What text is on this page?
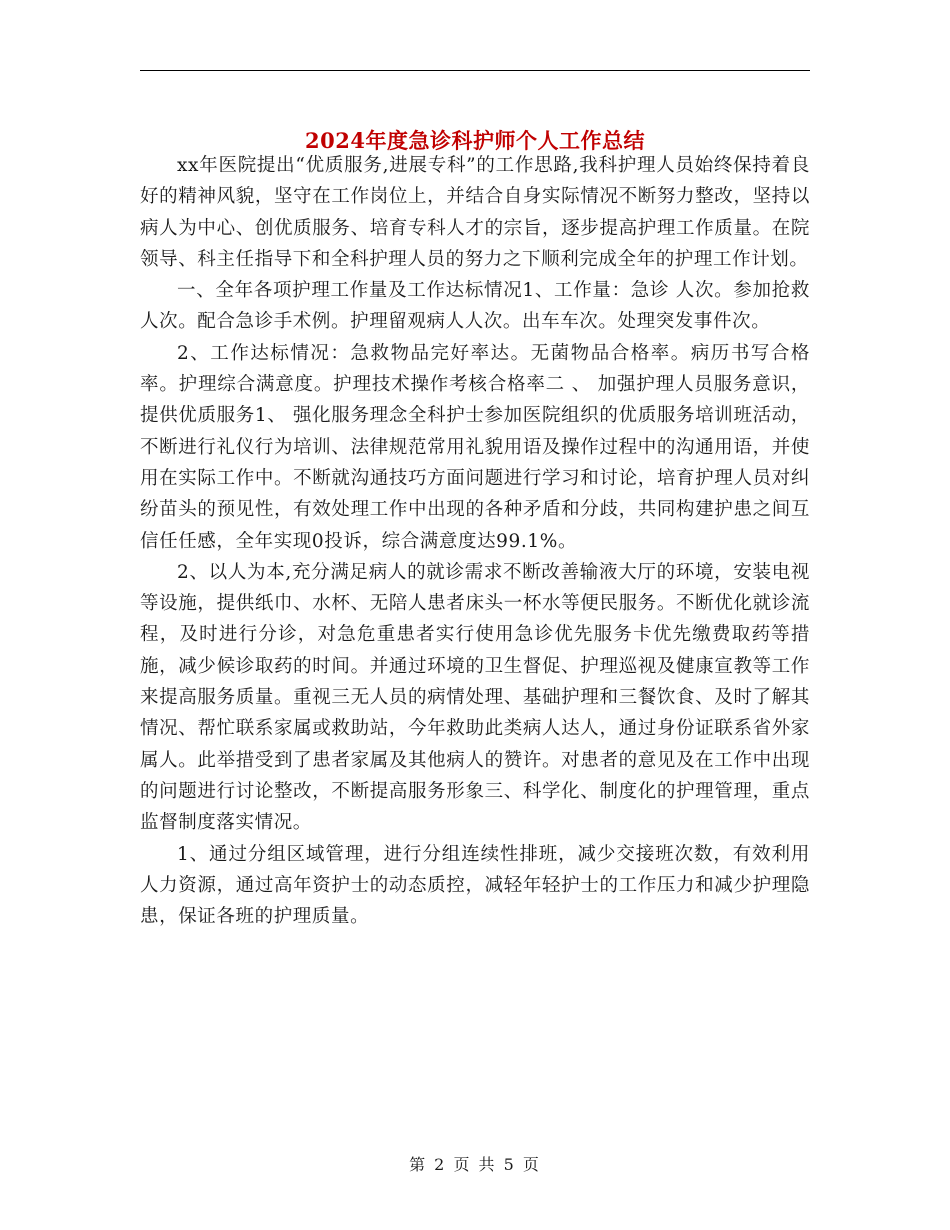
2024年度急诊科护师个人工作总结

xx年医院提出“优质服务,进展专科”的工作思路,我科护理人员始终保持着良好的精神风貌，坚守在工作岗位上，并结合自身实际情况不断努力整改，坚持以病人为中心、创优质服务、培育专科人才的宗旨，逐步提高护理工作质量。在院领导、科主任指导下和全科护理人员的努力之下顺利完成全年的护理工作计划。

一、全年各项护理工作量及工作达标情况1、工作量：急诊 人次。参加抢救 人次。配合急诊手术例。护理留观病人人次。出车车次。处理突发事件次。

2、工作达标情况：急救物品完好率达。无菌物品合格率。病历书写合格率。护理综合满意度。护理技术操作考核合格率二 、 加强护理人员服务意识，提供优质服务1、 强化服务理念全科护士参加医院组织的优质服务培训班活动，不断进行礼仪行为培训、法律规范常用礼貌用语及操作过程中的沟通用语，并使用在实际工作中。不断就沟通技巧方面问题进行学习和讨论，培育护理人员对纠纷苗头的预见性，有效处理工作中出现的各种矛盾和分歧，共同构建护患之间互信任任感，全年实现0投诉，综合满意度达99.1%。

2、以人为本,充分满足病人的就诊需求不断改善输液大厅的环境，安装电视等设施，提供纸巾、水杯、无陪人患者床头一杯水等便民服务。不断优化就诊流程，及时进行分诊，对急危重患者实行使用急诊优先服务卡优先缴费取药等措施，减少候诊取药的时间。并通过环境的卫生督促、护理巡视及健康宣教等工作来提高服务质量。重视三无人员的病情处理、基础护理和三餐饮食、及时了解其情况、帮忙联系家属或救助站，今年救助此类病人达人，通过身份证联系省外家属人。此举措受到了患者家属及其他病人的赞许。对患者的意见及在工作中出现的问题进行讨论整改，不断提高服务形象三、科学化、制度化的护理管理，重点监督制度落实情况。

1、通过分组区域管理，进行分组连续性排班，减少交接班次数，有效利用人力资源，通过高年资护士的动态质控，减轻年轻护士的工作压力和减少护理隐患，保证各班的护理质量。

第 2 页 共 5 页
